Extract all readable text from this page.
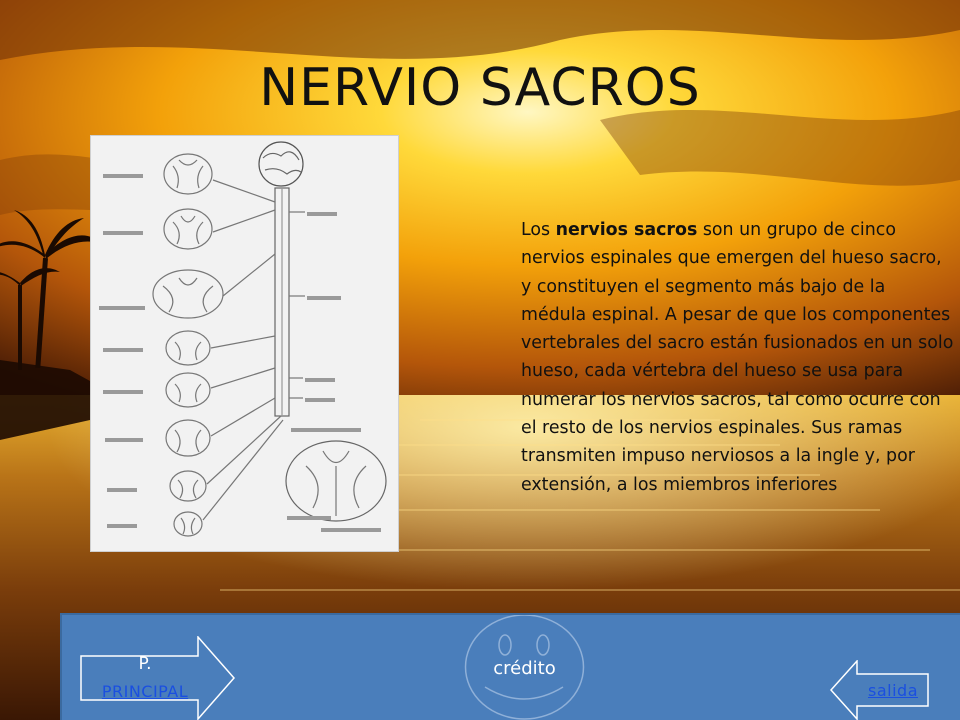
NERVIO SACROS
Los nervios sacros son un grupo de cinco nervios espinales que emergen del hueso sacro, y constituyen el segmento más bajo de la médula espinal. A pesar de que los componentes vertebrales del sacro están fusionados en un solo hueso, cada vértebra del hueso se usa para numerar los nervios sacros, tal como ocurre con el resto de los nervios espinales. Sus ramas transmiten impuso nerviosos a la ingle y, por extensión, a los miembros inferiores
P.
PRINCIPAL
crédito
salida
